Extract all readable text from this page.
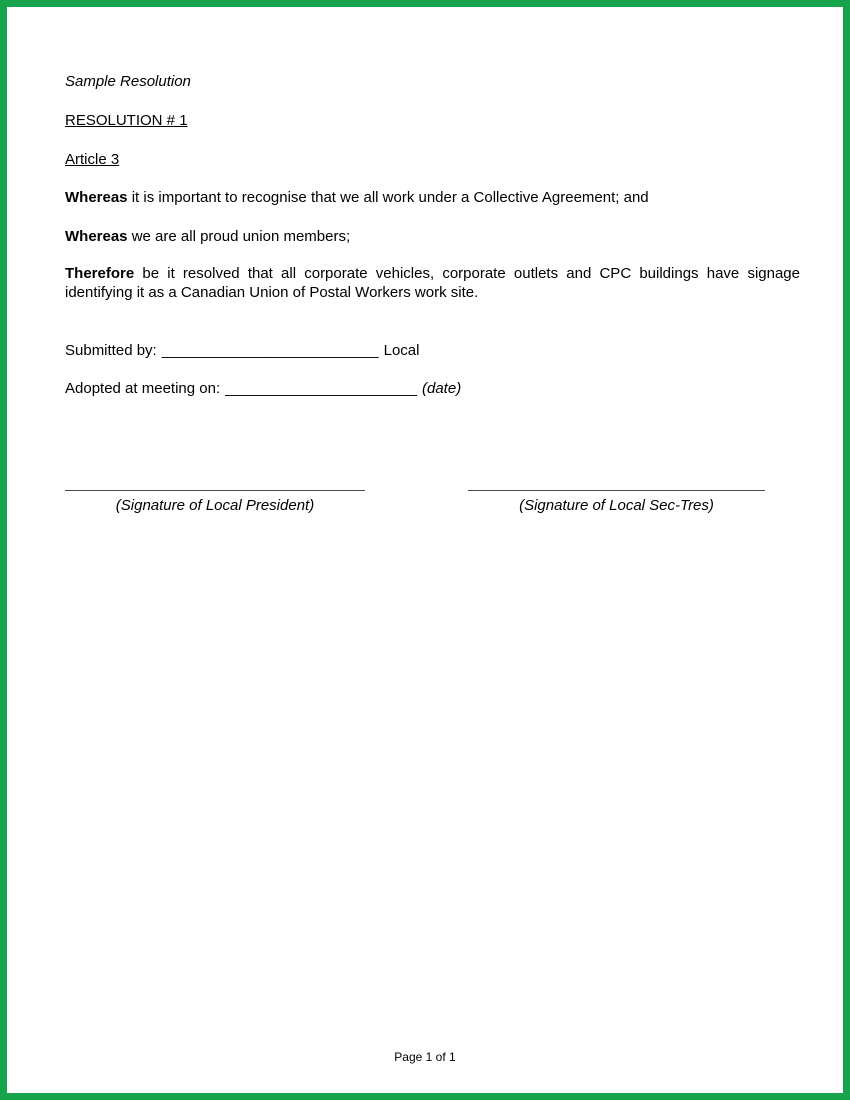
Sample Resolution

RESOLUTION # 1

Article 3

Whereas it is important to recognise that we all work under a Collective Agreement; and

Whereas we are all proud union members;

Therefore be it resolved that all corporate vehicles, corporate outlets and CPC buildings have signage identifying it as a Canadian Union of Postal Workers work site.

Submitted by: __________________________ Local

Adopted at meeting on: _______________________ (date)

(Signature of Local President)	(Signature of Local Sec-Tres)
Page 1 of 1
